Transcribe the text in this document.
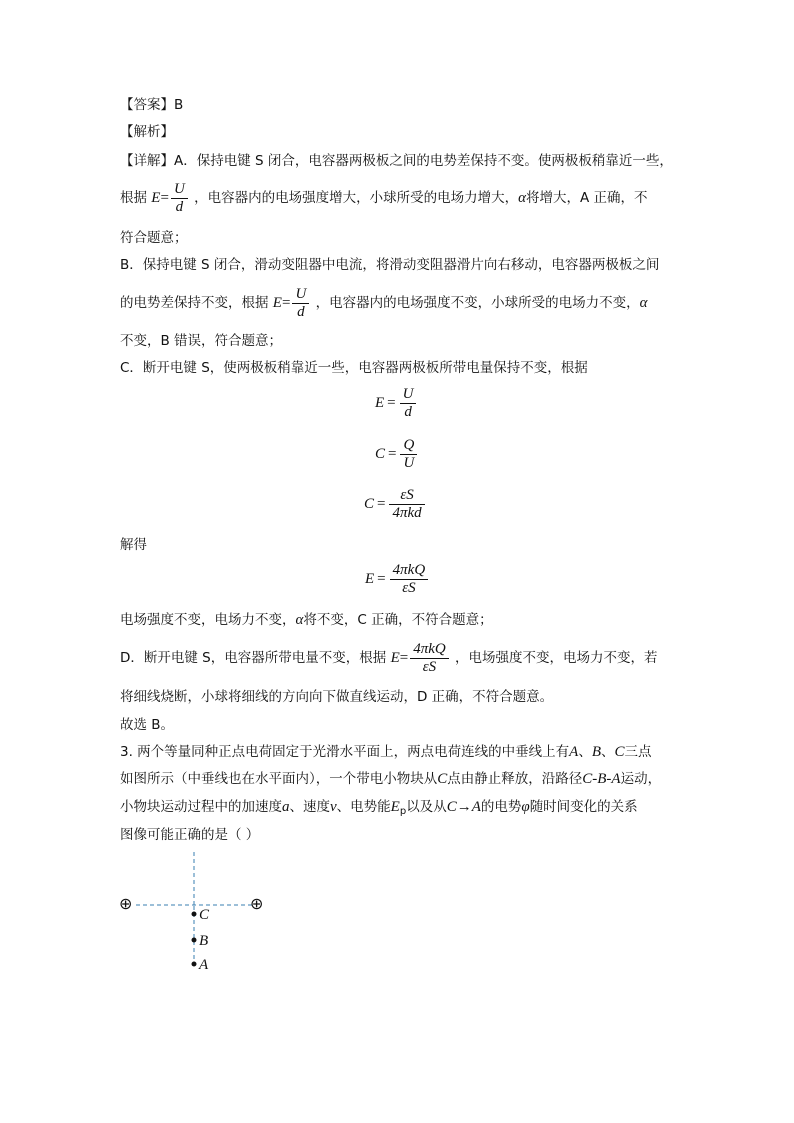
【答案】B
【解析】
【详解】A．保持电键 S 闭合，电容器两极板之间的电势差保持不变。使两极板稍靠近一些，
根据 $E= \frac{U}{d}$ ，电容器内的电场强度增大，小球所受的电场力增大，α将增大，A 正确，不
符合题意；
B．保持电键 S 闭合，滑动变阻器中电流，将滑动变阻器滑片向右移动，电容器两极板之间
的电势差保持不变，根据 $E= \frac{U}{d}$ ，电容器内的电场强度不变，小球所受的电场力不变，α
不变，B 错误，符合题意；
C．断开电键 S，使两极板稍靠近一些，电容器两极板所带电量保持不变，根据
$E = \frac{U}{d}$
$C = \frac{Q}{U}$
$C = \frac{\varepsilon S}{\text{4πkd}}$
解得
$E = \frac{\text{4πkQ}}{\varepsilon S}$
电场强度不变，电场力不变，α将不变，C 正确，不符合题意；
D．断开电键 S，电容器所带电量不变，根据 $E= \frac{\text{4πkQ}}{\varepsilon S}$ ，电场强度不变，电场力不变，若
将细线烧断，小球将细线的方向向下做直线运动，D 正确，不符合题意。
故选 B。
3. 两个等量同种正点电荷固定于光滑水平面上，两点电荷连线的中垂线上有A、B、C三点
如图所示（中垂线也在水平面内），一个带电小物块从C点由静止释放，沿路径C-B-A运动，
小物块运动过程中的加速度a、速度v、电势能$E_p$以及从C→A的电势φ随时间变化的关系
图像可能正确的是（ ）
⊕	⊕
C
B
A
